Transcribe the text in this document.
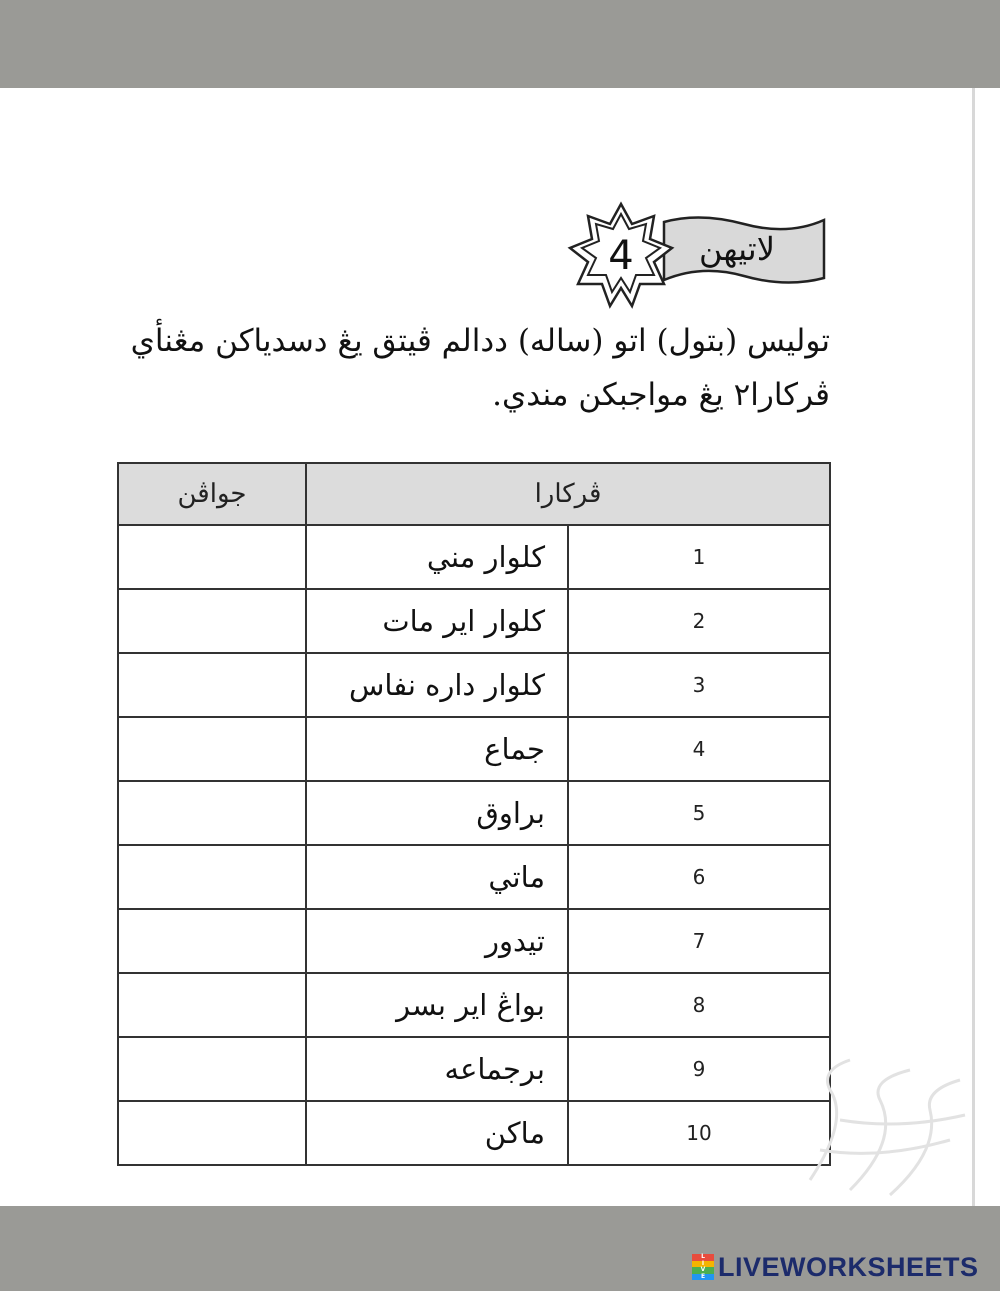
لاتيهن
4
توليس (بتول) اتو (ساله) ددالم ڤيتق يڠ دسدياکن مڠنأي
ڤرکارا٢ يڠ مواجبکن مندي.
ڤرکارا		جواڤن
1	کلوار مني	
2	کلوار اير مات	
3	کلوار داره نفاس	
4	جماع	
5	براوق	
6	ماتي	
7	تيدور	
8	بواڠ اير بسر	
9	برجماعه	
10	ماکن	
L
I
V
E LIVEWORKSHEETS
